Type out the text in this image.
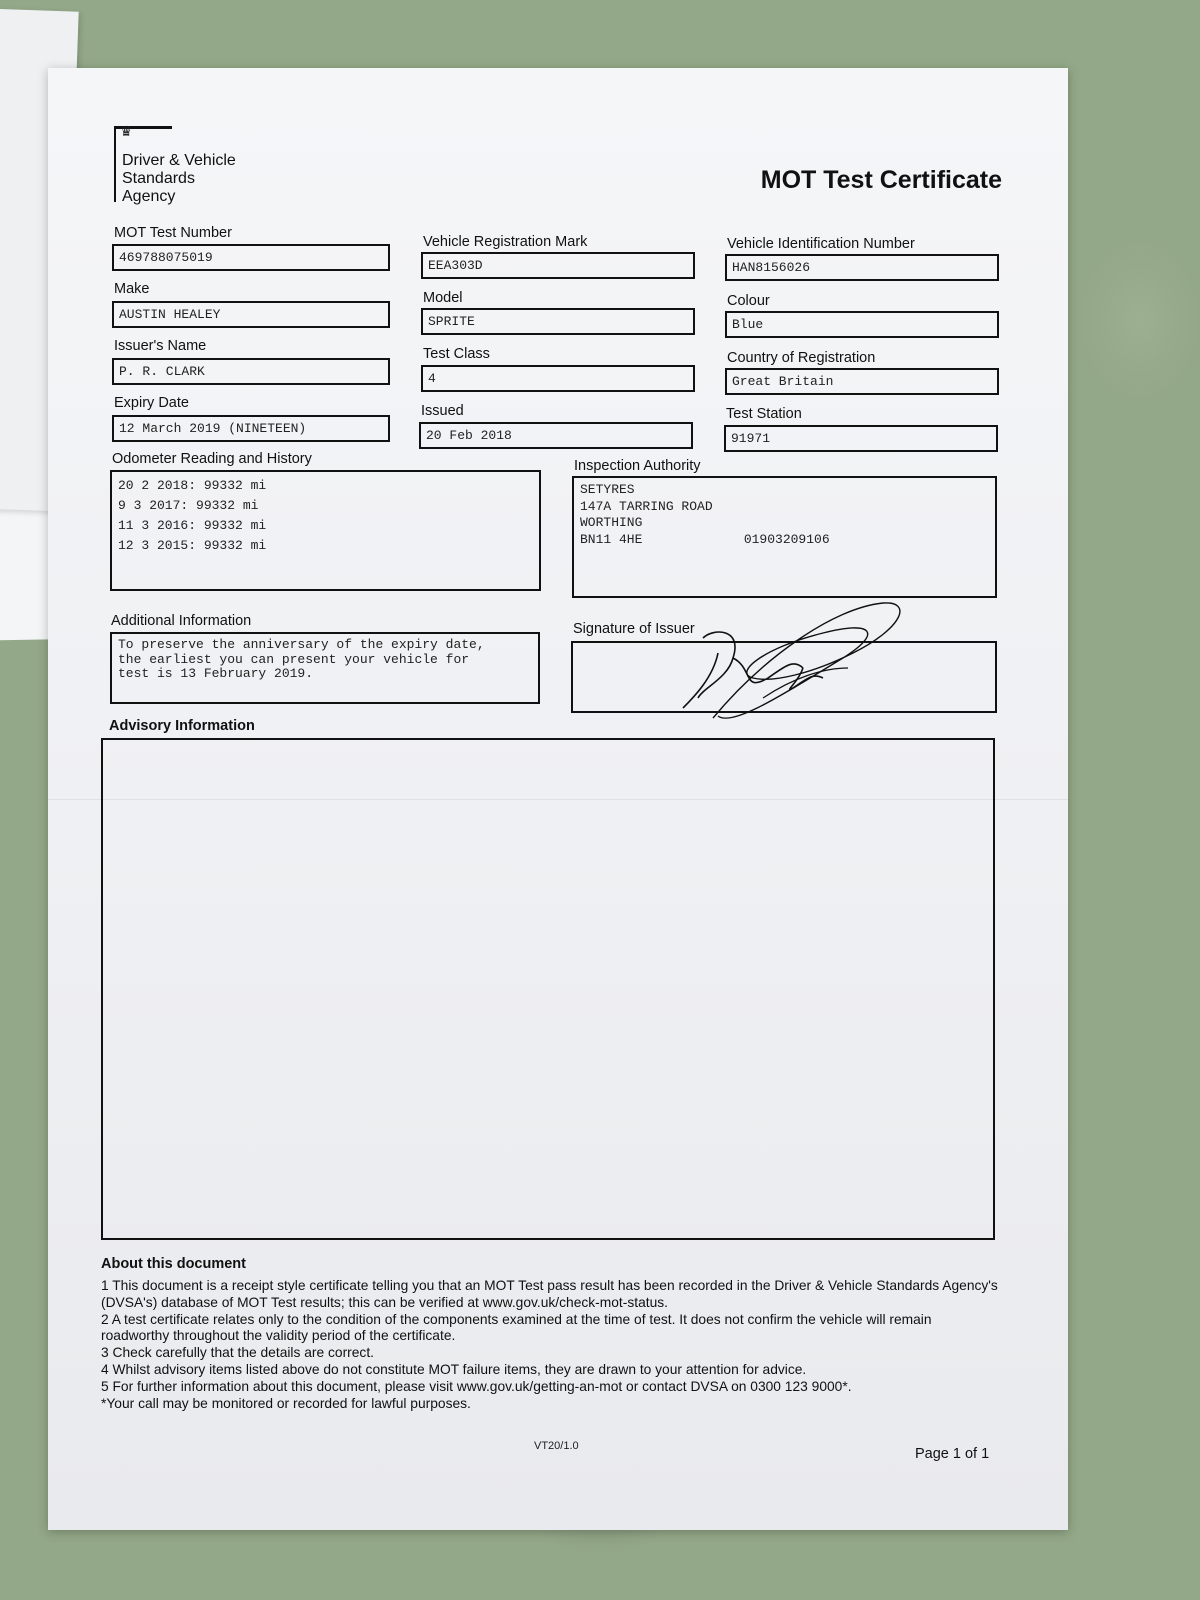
♛
Driver & Vehicle
Standards
Agency
MOT Test Certificate
MOT Test Number
469788075019
Vehicle Registration Mark
EEA303D
Vehicle Identification Number
HAN8156026
Make
AUSTIN HEALEY
Model
SPRITE
Colour
Blue
Issuer's Name
P. R. CLARK
Test Class
4
Country of Registration
Great Britain
Expiry Date
12 March 2019 (NINETEEN)
Issued
20 Feb 2018
Test Station
91971
Odometer Reading and History
20 2 2018: 99332 mi
9 3 2017: 99332 mi
11 3 2016: 99332 mi
12 3 2015: 99332 mi
Inspection Authority
SETYRES
147A TARRING ROAD
WORTHING
BN11 4HE             01903209106
Additional Information
To preserve the anniversary of the expiry date,
the earliest you can present your vehicle for
test is 13 February 2019.
Signature of Issuer
Advisory Information
About this document
1 This document is a receipt style certificate telling you that an MOT Test pass result has been recorded in the Driver & Vehicle Standards Agency's (DVSA's) database of MOT Test results; this can be verified at www.gov.uk/check-mot-status.
2 A test certificate relates only to the condition of the components examined at the time of test. It does not confirm the vehicle will remain roadworthy throughout the validity period of the certificate.
3 Check carefully that the details are correct.
4 Whilst advisory items listed above do not constitute MOT failure items, they are drawn to your attention for advice.
5 For further information about this document, please visit www.gov.uk/getting-an-mot or contact DVSA on 0300 123 9000*.
*Your call may be monitored or recorded for lawful purposes.
VT20/1.0	Page 1 of 1
